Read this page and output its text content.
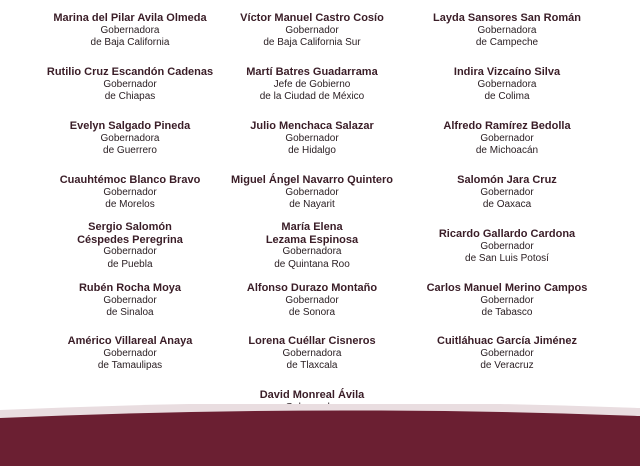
Marina del Pilar Avila Olmeda
Gobernadora
de Baja California
Rutilio Cruz Escandón Cadenas
Gobernador
de Chiapas
Evelyn Salgado Pineda
Gobernadora
de Guerrero
Cuauhtémoc Blanco Bravo
Gobernador
de Morelos
Sergio Salomón
Céspedes Peregrina
Gobernador
de Puebla
Rubén Rocha Moya
Gobernador
de Sinaloa
Américo Villareal Anaya
Gobernador
de Tamaulipas
Víctor Manuel Castro Cosío
Gobernador
de Baja California Sur
Martí Batres Guadarrama
Jefe de Gobierno
de la Ciudad de México
Julio Menchaca Salazar
Gobernador
de Hidalgo
Miguel Ángel Navarro Quintero
Gobernador
de Nayarit
María Elena
Lezama Espinosa
Gobernadora
de Quintana Roo
Alfonso Durazo Montaño
Gobernador
de Sonora
Lorena Cuéllar Cisneros
Gobernadora
de Tlaxcala
David Monreal Ávila
Layda Sansores San Román
Gobernadora
de Campeche
Indira Vizcaíno Silva
Gobernadora
de Colima
Alfredo Ramírez Bedolla
Gobernador
de Michoacán
Salomón Jara Cruz
Gobernador
de Oaxaca
Ricardo Gallardo Cardona
Gobernador
de San Luis Potosí
Carlos Manuel Merino Campos
Gobernador
de Tabasco
Cuitláhuac García Jiménez
Gobernador
de Veracruz
